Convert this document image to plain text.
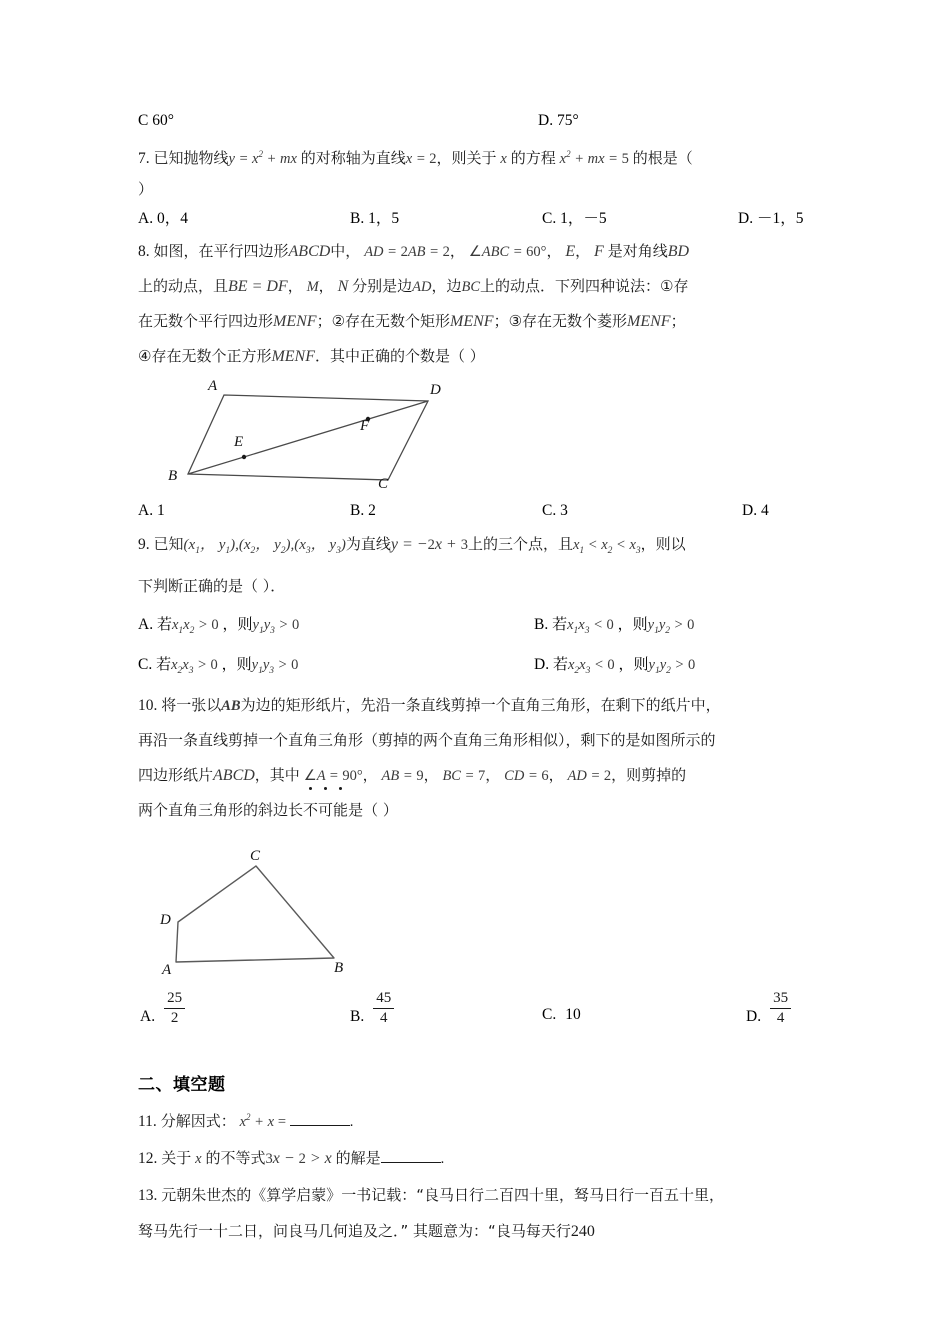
C 60°	D. 75°
7. 已知抛物线$y = x^2$ + mx 的对称轴为直线x = 2，则关于 x 的方程 $x^2$ + mx = 5 的根是（
）
A. 0，4	B. 1，5	C. 1，－5	D. －1，5
8. 如图，在平行四边形ABCD中， AD = 2AB = 2， ∠ABC = 60°， E， F 是对角线BD
上的动点，且BE = DF， M， N 分别是边AD，边BC上的动点．下列四种说法：①存
在无数个平行四边形MENF；②存在无数个矩形MENF；③存在无数个菱形MENF；
④存在无数个正方形MENF．其中正确的个数是（ ）
A	D
B	C
E
F
A. 1	B. 2	C. 3	D. 4
9. 已知($x_1$， $y_1),(x_2$， $y_2),(x_3$， $y_3$)为直线y = −2x + 3上的三个点，且$x_1 < x_2 < x_3$，则以
下判断正确的是（ ）．
A. 若$x_1x_2 > 0$ ，则$y_1y_3 > 0$	B. 若$x_1x_3 < 0$ ，则$y_1y_2 > 0$
C. 若$x_2x_3 > 0$ ，则$y_1y_3 > 0$	D. 若$x_2x_3 < 0$ ，则$y_1y_2 > 0$
10. 将一张以AB为边的矩形纸片，先沿一条直线剪掉一个直角三角形，在剩下的纸片中，
再沿一条直线剪掉一个直角三角形（剪掉的两个直角三角形相似），剩下的是如图所示的
四边形纸片ABCD，其中 ∠A = 90°， AB = 9， BC = 7， CD = 6， AD = 2，则剪掉的
两个直角三角形的斜边长不可能是（ ）
C
D
A	B
A. $\frac{25}{2}$	B. $\frac{45}{4}$	C. 10	D. $\frac{35}{4}$
二、填空题
11. 分解因式： $x^2 + x$ =	.
12. 关于 x 的不等式3x − 2 > x 的解是	.
13. 元朝朱世杰的《算学启蒙》一书记载：“良马日行二百四十里，驽马日行一百五十里，
驽马先行一十二日，问良马几何追及之．” 其题意为：“良马每天行240
